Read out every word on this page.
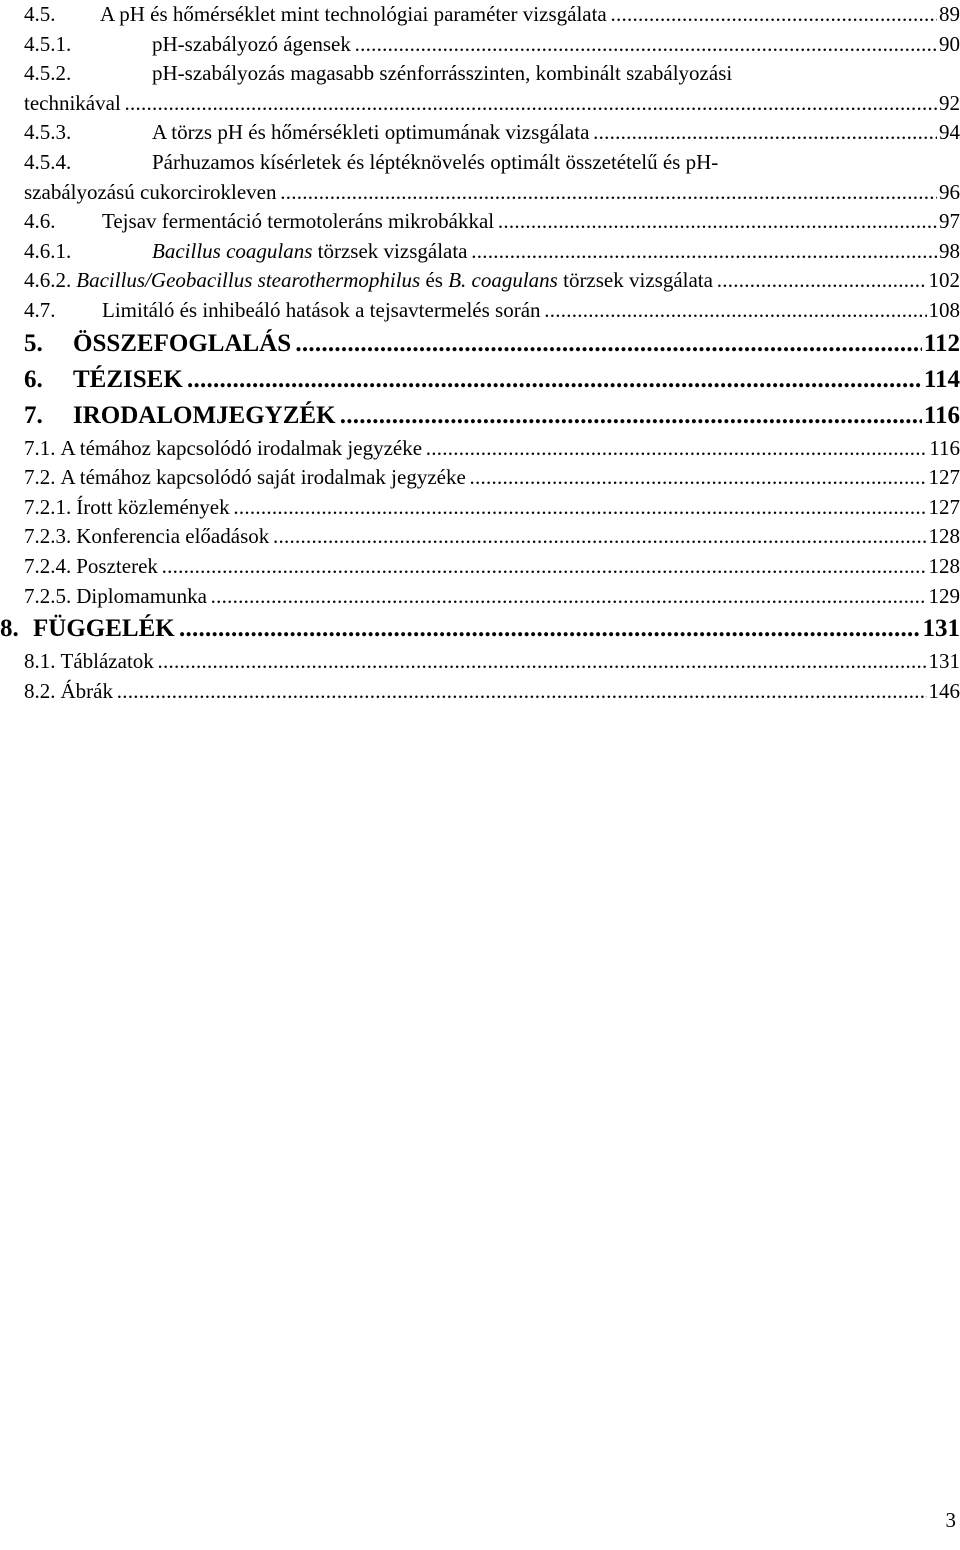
4.5.	A pH és hőmérséklet mint technológiai paraméter vizsgálata . . .	89
4.5.1.	pH-szabályozó ágensek . . .	90
4.5.2.	pH-szabályozás magasabb szénforrásszinten, kombinált szabályozási
technikával . . .	92
4.5.3.	A törzs pH és hőmérsékleti optimumának vizsgálata . . .	94
4.5.4.	Párhuzamos kísérletek és léptéknövelés optimált összetételű és pH-
szabályozású cukorcirokleven . . .	96
4.6.	Tejsav fermentáció termotoleráns mikrobákkal . . .	97
4.6.1.	Bacillus coagulans törzsek vizsgálata . . .	98
4.6.2. Bacillus/Geobacillus stearothermophilus és B. coagulans törzsek vizsgálata . . .	102
4.7.	Limitáló és inhibeáló hatások a tejsavtermelés során . . .	108
5.	ÖSSZEFOGLALÁS . . .	112
6.	TÉZISEK . . .	114
7.	IRODALOMJEGYZÉK . . .	116
7.1. A témához kapcsolódó irodalmak jegyzéke . . .	116
7.2. A témához kapcsolódó saját irodalmak jegyzéke . . .	127
7.2.1. Írott közlemények . . .	127
7.2.3. Konferencia előadások . . .	128
7.2.4. Poszterek . . .	128
7.2.5. Diplomamunka . . .	129
8. FÜGGELÉK . . .	131
8.1. Táblázatok . . .	131
8.2. Ábrák . . .	146
3
